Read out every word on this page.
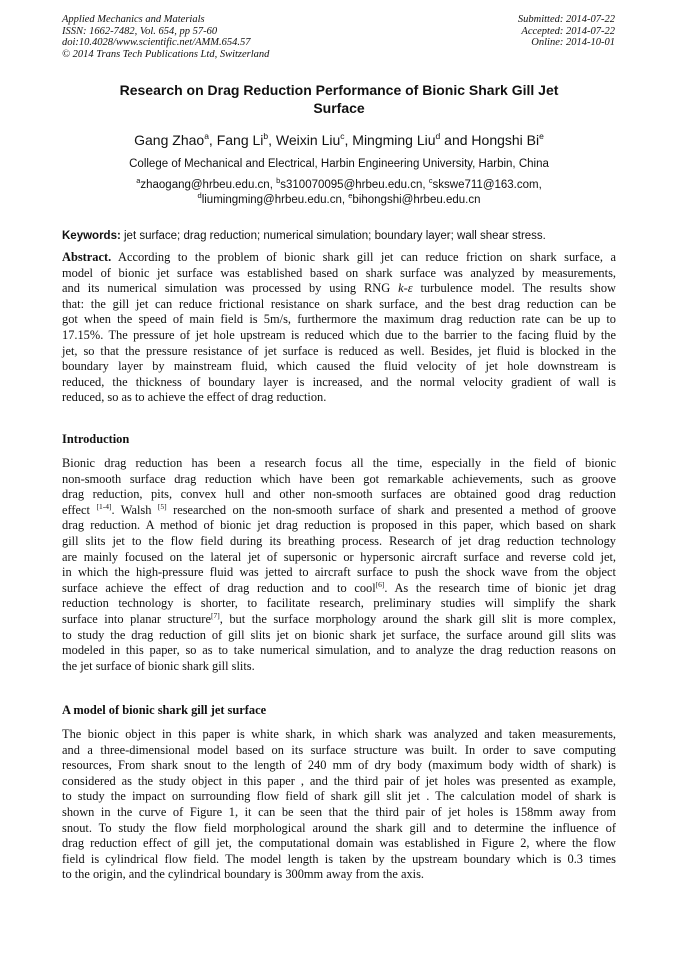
Applied Mechanics and Materials
ISSN: 1662-7482, Vol. 654, pp 57-60
doi:10.4028/www.scientific.net/AMM.654.57
© 2014 Trans Tech Publications Ltd, Switzerland
Submitted: 2014-07-22
Accepted: 2014-07-22
Online: 2014-10-01
Research on Drag Reduction Performance of Bionic Shark Gill Jet
Surface
Gang Zhao$^a$, Fang Li$^b$, Weixin Liu$^c$, Mingming Liu$^d$ and Hongshi Bi$^e$
College of Mechanical and Electrical, Harbin Engineering University, Harbin, China
$^a$zhaogang@hrbeu.edu.cn, $^b$s310070095@hrbeu.edu.cn, $^c$skswe711@163.com,
$^d$liumingming@hrbeu.edu.cn, $^e$bihongshi@hrbeu.edu.cn
Keywords: jet surface; drag reduction; numerical simulation; boundary layer; wall shear stress.
Abstract. According to the problem of bionic shark gill jet can reduce friction on shark surface, a
model of bionic jet surface was established based on shark surface was analyzed by measurements,
and its numerical simulation was processed by using RNG k-ε turbulence model. The results show
that: the gill jet can reduce frictional resistance on shark surface, and the best drag reduction can be
got when the speed of main field is 5m/s, furthermore the maximum drag reduction rate can be up to
17.15%. The pressure of jet hole upstream is reduced which due to the barrier to the facing fluid by the
jet, so that the pressure resistance of jet surface is reduced as well. Besides, jet fluid is blocked in the
boundary layer by mainstream fluid, which caused the fluid velocity of jet hole downstream is
reduced, the thickness of boundary layer is increased, and the normal velocity gradient of wall is
reduced, so as to achieve the effect of drag reduction.
Introduction
Bionic drag reduction has been a research focus all the time, especially in the field of bionic
non-smooth surface drag reduction which have been got remarkable achievements, such as groove
drag reduction, pits, convex hull and other non-smooth surfaces are obtained good drag reduction
effect [1-4]. Walsh [5] researched on the non-smooth surface of shark and presented a method of groove
drag reduction. A method of bionic jet drag reduction is proposed in this paper, which based on shark
gill slits jet to the flow field during its breathing process. Research of jet drag reduction technology
are mainly focused on the lateral jet of supersonic or hypersonic aircraft surface and reverse cold jet,
in which the high-pressure fluid was jetted to aircraft surface to push the shock wave from the object
surface achieve the effect of drag reduction and to cool[6]. As the research time of bionic jet drag
reduction technology is shorter, to facilitate research, preliminary studies will simplify the shark
surface into planar structure[7], but the surface morphology around the shark gill slit is more complex,
to study the drag reduction of gill slits jet on bionic shark jet surface, the surface around gill slits was
modeled in this paper, so as to take numerical simulation, and to analyze the drag reduction reasons on
the jet surface of bionic shark gill slits.
A model of bionic shark gill jet surface
The bionic object in this paper is white shark, in which shark was analyzed and taken measurements,
and a three-dimensional model based on its surface structure was built. In order to save computing
resources, From shark snout to the length of 240 mm of dry body (maximum body width of shark) is
considered as the study object in this paper , and the third pair of jet holes was presented as example,
to study the impact on surrounding flow field of shark gill slit jet . The calculation model of shark is
shown in the curve of Figure 1, it can be seen that the third pair of jet holes is 158mm away from
snout. To study the flow field morphological around the shark gill and to determine the influence of
drag reduction effect of gill jet, the computational domain was established in Figure 2, where the flow
field is cylindrical flow field. The model length is taken by the upstream boundary which is 0.3 times
to the origin, and the cylindrical boundary is 300mm away from the axis.
